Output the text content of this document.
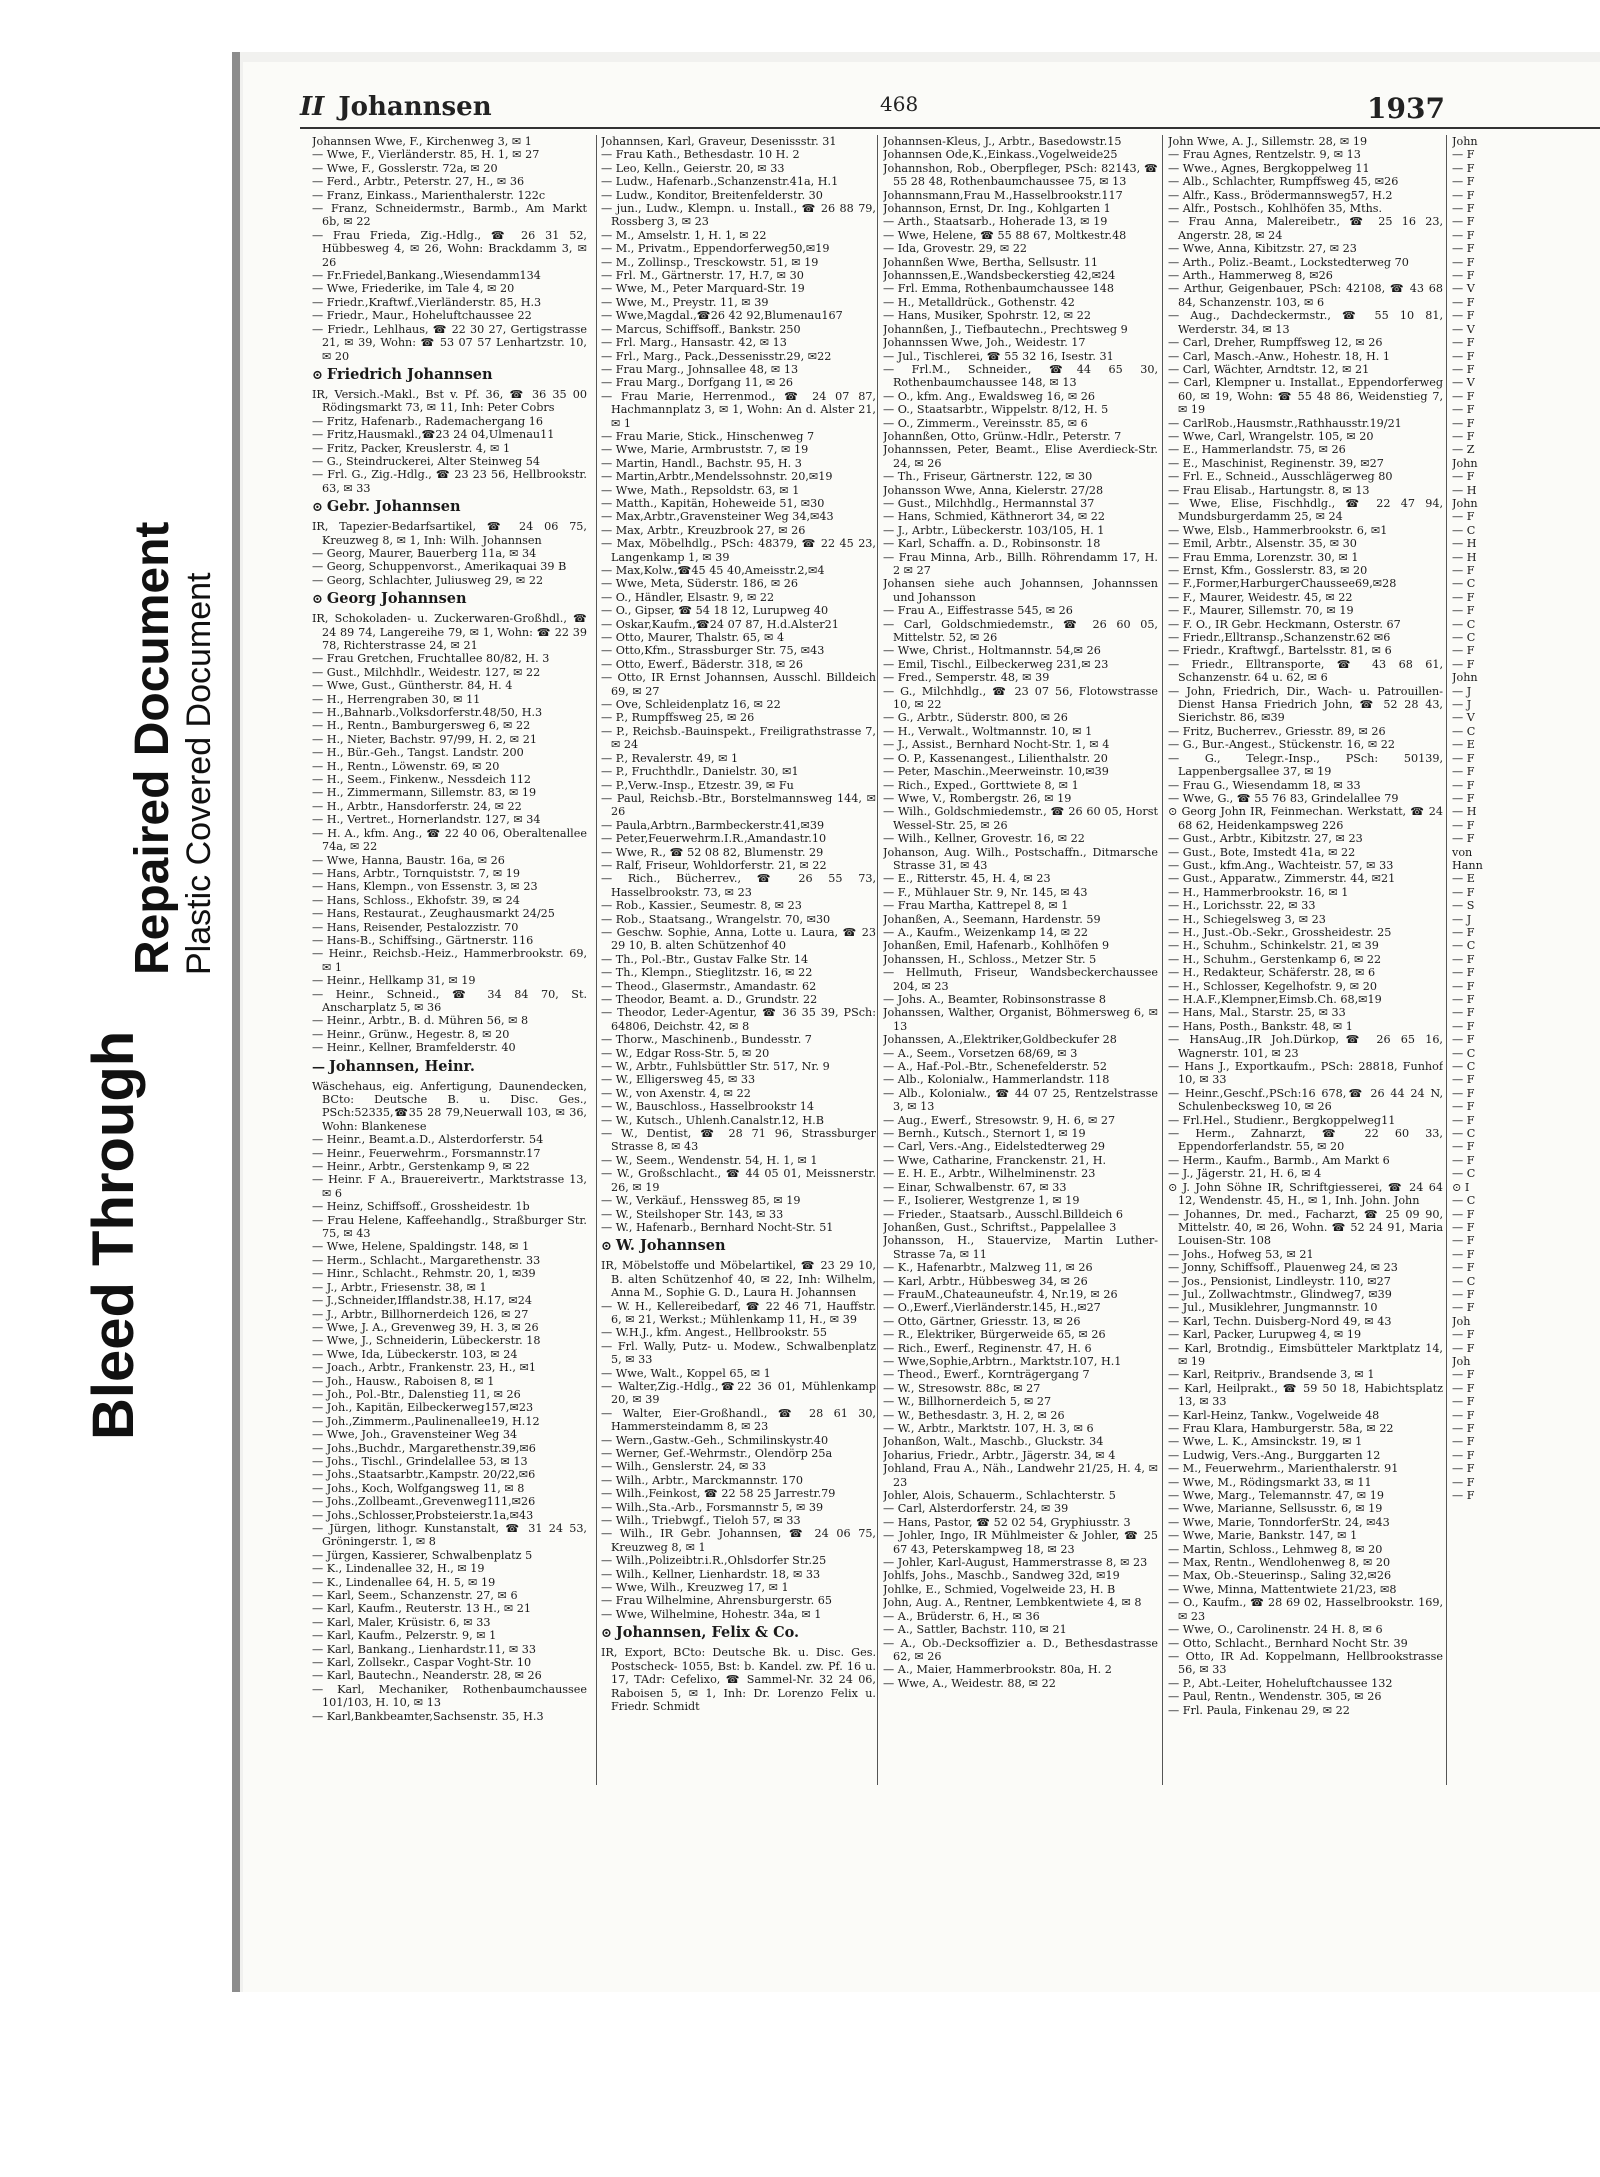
Bleed Through
Repaired Document Plastic Covered Document
II Johannsen	468	1937

Johannsen Wwe, F., Kirchenweg 3, ✉ 1

— Wwe, F., Vierländerstr. 85, H. 1, ✉ 27

— Wwe, F., Gosslerstr. 72a, ✉ 20

— Ferd., Arbtr., Peterstr. 27, H., ✉ 36

— Franz, Einkass., Marienthalerstr. 122c

— Franz, Schneidermstr., Barmb., Am Markt 6b, ✉ 22

— Frau Frieda, Zig.-Hdlg., ☎ 26 31 52, Hübbesweg 4, ✉ 26, Wohn: Brackdamm 3, ✉ 26

— Fr.Friedel,Bankang.,Wiesendamm134

— Wwe, Friederike, im Tale 4, ✉ 20

— Friedr.,Kraftwf.,Vierländerstr. 85, H.3

— Friedr., Maur., Hoheluftchaussee 22

— Friedr., Lehlhaus, ☎ 22 30 27, Gertigstrasse 21, ✉ 39, Wohn: ☎ 53 07 57 Lenhartzstr. 10, ✉ 20

⊙ Friedrich Johannsen

IR, Versich.-Makl., Bst v. Pf. 36, ☎ 36 35 00 Rödingsmarkt 73, ✉ 11, Inh: Peter Cobrs

— Fritz, Hafenarb., Rademachergang 16

— Fritz,Hausmakl.,☎23 24 04,Ulmenau11

— Fritz, Packer, Kreuslerstr. 4, ✉ 1

— G., Steindruckerei, Alter Steinweg 54

— Frl. G., Zig.-Hdlg., ☎ 23 23 56, Hellbrookstr. 63, ✉ 33

⊙ Gebr. Johannsen

IR, Tapezier-Bedarfsartikel, ☎ 24 06 75, Kreuzweg 8, ✉ 1, Inh: Wilh. Johannsen

— Georg, Maurer, Bauerberg 11a, ✉ 34

— Georg, Schuppenvorst., Amerikaquai 39 B

— Georg, Schlachter, Juliusweg 29, ✉ 22

⊙ Georg Johannsen

IR, Schokoladen- u. Zuckerwaren-Großhdl., ☎ 24 89 74, Langereihe 79, ✉ 1, Wohn: ☎ 22 39 78, Richterstrasse 24, ✉ 21

— Frau Gretchen, Fruchtallee 80/82, H. 3

— Gust., Milchhdlr., Weidestr. 127, ✉ 22

— Wwe, Gust., Güntherstr. 84, H. 4

— H., Herrengraben 30, ✉ 11

— H.,Bahnarb.,Volksdorferstr.48/50, H.3

— H., Rentn., Bamburgersweg 6, ✉ 22

— H., Nieter, Bachstr. 97/99, H. 2, ✉ 21

— H., Bür.-Geh., Tangst. Landstr. 200

— H., Rentn., Löwenstr. 69, ✉ 20

— H., Seem., Finkenw., Nessdeich 112

— H., Zimmermann, Sillemstr. 83, ✉ 19

— H., Arbtr., Hansdorferstr. 24, ✉ 22

— H., Vertret., Hornerlandstr. 127, ✉ 34

— H. A., kfm. Ang., ☎ 22 40 06, Oberaltenallee 74a, ✉ 22

— Wwe, Hanna, Baustr. 16a, ✉ 26

— Hans, Arbtr., Tornquiststr. 7, ✉ 19

— Hans, Klempn., von Essenstr. 3, ✉ 23

— Hans, Schloss., Ekhofstr. 39, ✉ 24

— Hans, Restaurat., Zeughausmarkt 24/25

— Hans, Reisender, Pestalozzistr. 70

— Hans-B., Schiffsing., Gärtnerstr. 116

— Heinr., Reichsb.-Heiz., Hammerbrookstr. 69, ✉ 1

— Heinr., Hellkamp 31, ✉ 19

— Heinr., Schneid., ☎ 34 84 70, St. Anscharplatz 5, ✉ 36

— Heinr., Arbtr., B. d. Mühren 56, ✉ 8

— Heinr., Grünw., Hegestr. 8, ✉ 20

— Heinr., Kellner, Bramfelderstr. 40

— Johannsen, Heinr.

Wäschehaus, eig. Anfertigung, Daunendecken, BCto: Deutsche B. u. Disc. Ges., PSch:52335,☎35 28 79,Neuerwall 103, ✉ 36, Wohn: Blankenese

— Heinr., Beamt.a.D., Alsterdorferstr. 54

— Heinr., Feuerwehrm., Forsmannstr.17

— Heinr., Arbtr., Gerstenkamp 9, ✉ 22

— Heinr. F A., Brauereivertr., Marktstrasse 13, ✉ 6

— Heinz, Schiffsoff., Grossheidestr. 1b

— Frau Helene, Kaffeehandlg., Straßburger Str. 75, ✉ 43

— Wwe, Helene, Spaldingstr. 148, ✉ 1

— Herm., Schlacht., Margarethenstr. 33

— Hinr., Schlacht., Rehmstr. 20, 1, ✉39

— J., Arbtr., Friesenstr. 38, ✉ 1

— J.,Schneider,Ifflandstr.38, H.17, ✉24

— J., Arbtr., Billhornerdeich 126, ✉ 27

— Wwe, J. A., Grevenweg 39, H. 3, ✉ 26

— Wwe, J., Schneiderin, Lübeckerstr. 18

— Wwe, Ida, Lübeckerstr. 103, ✉ 24

— Joach., Arbtr., Frankenstr. 23, H., ✉1

— Joh., Hausw., Raboisen 8, ✉ 1

— Joh., Pol.-Btr., Dalenstieg 11, ✉ 26

— Joh., Kapitän, Eilbeckerweg157,✉23

— Joh.,Zimmerm.,Paulinenallee19, H.12

— Wwe, Joh., Gravensteiner Weg 34

— Johs.,Buchdr., Margarethenstr.39,✉6

— Johs., Tischl., Grindelallee 53, ✉ 13

— Johs.,Staatsarbtr.,Kampstr. 20/22,✉6

— Johs., Koch, Wolfgangsweg 11, ✉ 8

— Johs.,Zollbeamt.,Grevenweg111,✉26

— Johs.,Schlosser,Probsteierstr.1a,✉43

— Jürgen, lithogr. Kunstanstalt, ☎ 31 24 53, Gröningerstr. 1, ✉ 8

— Jürgen, Kassierer, Schwalbenplatz 5

— K., Lindenallee 32, H., ✉ 19

— K., Lindenallee 64, H. 5, ✉ 19

— Karl, Seem., Schanzenstr. 27, ✉ 6

— Karl, Kaufm., Reuterstr. 13 H., ✉ 21

— Karl, Maler, Krüsistr. 6, ✉ 33

— Karl, Kaufm., Pelzerstr. 9, ✉ 1

— Karl, Bankang., Lienhardstr.11, ✉ 33

— Karl, Zollsekr., Caspar Voght-Str. 10

— Karl, Bautechn., Neanderstr. 28, ✉ 26

— Karl, Mechaniker, Rothenbaumchaussee 101/103, H. 10, ✉ 13

— Karl,Bankbeamter,Sachsenstr. 35, H.3

Johannsen, Karl, Graveur, Desenissstr. 31

— Frau Kath., Bethesdastr. 10 H. 2

— Leo, Kelln., Geierstr. 20, ✉ 33

— Ludw., Hafenarb.,Schanzenstr.41a, H.1

— Ludw., Konditor, Breitenfelderstr. 30

— jun., Ludw., Klempn. u. Install., ☎ 26 88 79, Rossberg 3, ✉ 23

— M., Amselstr. 1, H. 1, ✉ 22

— M., Privatm., Eppendorferweg50,✉19

— M., Zollinsp., Tresckowstr. 51, ✉ 19

— Frl. M., Gärtnerstr. 17, H.7, ✉ 30

— Wwe, M., Peter Marquard-Str. 19

— Wwe, M., Preystr. 11, ✉ 39

— Wwe,Magdal.,☎26 42 92,Blumenau167

— Marcus, Schiffsoff., Bankstr. 250

— Frl. Marg., Hansastr. 42, ✉ 13

— Frl., Marg., Pack.,Dessenisstr.29, ✉22

— Frau Marg., Johnsallee 48, ✉ 13

— Frau Marg., Dorfgang 11, ✉ 26

— Frau Marie, Herrenmod., ☎ 24 07 87, Hachmannplatz 3, ✉ 1, Wohn: An d. Alster 21, ✉ 1

— Frau Marie, Stick., Hinschenweg 7

— Wwe, Marie, Armbruststr. 7, ✉ 19

— Martin, Handl., Bachstr. 95, H. 3

— Martin,Arbtr.,Mendelssohnstr. 20,✉19

— Wwe, Math., Repsoldstr. 63, ✉ 1

— Matth., Kapitän, Hoheweide 51, ✉30

— Max,Arbtr.,Gravensteiner Weg 34,✉43

— Max, Arbtr., Kreuzbrook 27, ✉ 26

— Max, Möbelhdlg., PSch: 48379, ☎ 22 45 23, Langenkamp 1, ✉ 39

— Max,Kolw.,☎45 45 40,Ameisstr.2,✉4

— Wwe, Meta, Süderstr. 186, ✉ 26

— O., Händler, Elsastr. 9, ✉ 22

— O., Gipser, ☎ 54 18 12, Lurupweg 40

— Oskar,Kaufm.,☎24 07 87, H.d.Alster21

— Otto, Maurer, Thalstr. 65, ✉ 4

— Otto,Kfm., Strassburger Str. 75, ✉43

— Otto, Ewerf., Bäderstr. 318, ✉ 26

— Otto, IR Ernst Johannsen, Ausschl. Billdeich 69, ✉ 27

— Ove, Schleidenplatz 16, ✉ 22

— P., Rumpffsweg 25, ✉ 26

— P., Reichsb.-Bauinspekt., Freiligrathstrasse 7, ✉ 24

— P., Revalerstr. 49, ✉ 1

— P., Fruchthdlr., Danielstr. 30, ✉1

— P.,Verw.-Insp., Etzestr. 39, ✉ Fu

— Paul, Reichsb.-Btr., Borstelmannsweg 144, ✉ 26

— Paula,Arbtrn.,Barmbeckerstr.41,✉39

— Peter,Feuerwehrm.I.R.,Amandastr.10

— Wwe, R., ☎ 52 08 82, Blumenstr. 29

— Ralf, Friseur, Wohldorferstr. 21, ✉ 22

— Rich., Bücherrev., ☎ 26 55 73, Hasselbrookstr. 73, ✉ 23

— Rob., Kassier., Seumestr. 8, ✉ 23

— Rob., Staatsang., Wrangelstr. 70, ✉30

— Geschw. Sophie, Anna, Lotte u. Laura, ☎ 23 29 10, B. alten Schützenhof 40

— Th., Pol.-Btr., Gustav Falke Str. 14

— Th., Klempn., Stieglitzstr. 16, ✉ 22

— Theod., Glasermstr., Amandastr. 62

— Theodor, Beamt. a. D., Grundstr. 22

— Theodor, Leder-Agentur, ☎ 36 35 39, PSch: 64806, Deichstr. 42, ✉ 8

— Thorw., Maschinenb., Bundesstr. 7

— W., Edgar Ross-Str. 5, ✉ 20

— W., Arbtr., Fuhlsbüttler Str. 517, Nr. 9

— W., Elligersweg 45, ✉ 33

— W., von Axenstr. 4, ✉ 22

— W., Bauschloss., Hasselbrookstr 14

— W., Kutsch., Uhlenh.Canalstr.12, H.B

— W., Dentist, ☎ 28 71 96, Strassburger Strasse 8, ✉ 43

— W., Seem., Wendenstr. 54, H. 1, ✉ 1

— W., Großschlacht., ☎ 44 05 01, Meissnerstr. 26, ✉ 19

— W., Verkäuf., Henssweg 85, ✉ 19

— W., Steilshoper Str. 143, ✉ 33

— W., Hafenarb., Bernhard Nocht-Str. 51

⊙ W. Johannsen

IR, Möbelstoffe und Möbelartikel, ☎ 23 29 10, B. alten Schützenhof 40, ✉ 22, Inh: Wilhelm, Anna M., Sophie G. D., Laura H. Johannsen

— W. H., Kellereibedarf, ☎ 22 46 71, Hauffstr. 6, ✉ 21, Werkst.; Mühlenkamp 11, H., ✉ 39

— W.H.J., kfm. Angest., Hellbrookstr. 55

— Frl. Wally, Putz- u. Modew., Schwalbenplatz 5, ✉ 33

— Wwe, Walt., Koppel 65, ✉ 1

— Walter,Zig.-Hdlg.,☎22 36 01, Mühlenkamp 20, ✉ 39

— Walter, Eier-Großhandl., ☎ 28 61 30, Hammersteindamm 8, ✉ 23

— Wern.,Gastw.-Geh., Schmilinskystr.40

— Werner, Gef.-Wehrmstr., Olendörp 25a

— Wilh., Genslerstr. 24, ✉ 33

— Wilh., Arbtr., Marckmannstr. 170

— Wilh.,Feinkost, ☎ 22 58 25 Jarrestr.79

— Wilh.,Sta.-Arb., Forsmannstr 5, ✉ 39

— Wilh., Triebwgf., Tieloh 57, ✉ 33

— Wilh., IR Gebr. Johannsen, ☎ 24 06 75, Kreuzweg 8, ✉ 1

— Wilh.,Polizeibtr.i.R.,Ohlsdorfer Str.25

— Wilh., Kellner, Lienhardstr. 18, ✉ 33

— Wwe, Wilh., Kreuzweg 17, ✉ 1

— Frau Wilhelmine, Ahrensburgerstr. 65

— Wwe, Wilhelmine, Hohestr. 34a, ✉ 1

⊙ Johannsen, Felix & Co.

IR, Export, BCto: Deutsche Bk. u. Disc. Ges. Postscheck- 1055, Bst: b. Kandel. zw. Pf. 16 u. 17, TAdr: Cefelixo, ☎ Sammel-Nr. 32 24 06, Raboisen 5, ✉ 1, Inh: Dr. Lorenzo Felix u. Friedr. Schmidt

Johannsen-Kleus, J., Arbtr., Basedowstr.15

Johannsen Ode,K.,Einkass.,Vogelweide25

Johannshon, Rob., Oberpfleger, PSch: 82143, ☎ 55 28 48, Rothenbaumchaussee 75, ✉ 13

Johannsmann,Frau M.,Hasselbrookstr.117

Johannson, Ernst, Dr. Ing., Kohlgarten 1

— Arth., Staatsarb., Hoherade 13, ✉ 19

— Wwe, Helene, ☎ 55 88 67, Moltkestr.48

— Ida, Grovestr. 29, ✉ 22

Johannßen Wwe, Bertha, Sellsustr. 11

Johannssen,E.,Wandsbeckerstieg 42,✉24

— Frl. Emma, Rothenbaumchaussee 148

— H., Metalldrück., Gothenstr. 42

— Hans, Musiker, Spohrstr. 12, ✉ 22

Johannßen, J., Tiefbautechn., Prechtsweg 9

Johannssen Wwe, Joh., Weidestr. 17

— Jul., Tischlerei, ☎ 55 32 16, Isestr. 31

— Frl.M., Schneider., ☎44 65 30, Rothenbaumchaussee 148, ✉ 13

— O., kfm. Ang., Ewaldsweg 16, ✉ 26

— O., Staatsarbtr., Wippelstr. 8/12, H. 5

— O., Zimmerm., Vereinsstr. 85, ✉ 6

Johannßen, Otto, Grünw.-Hdlr., Peterstr. 7

Johannssen, Peter, Beamt., Elise Averdieck-Str. 24, ✉ 26

— Th., Friseur, Gärtnerstr. 122, ✉ 30

Johansson Wwe, Anna, Kielerstr. 27/28

— Gust., Milchhdlg., Hermannstal 37

— Hans, Schmied, Käthnerort 34, ✉ 22

— J., Arbtr., Lübeckerstr. 103/105, H. 1

— Karl, Schaffn. a. D., Robinsonstr. 18

— Frau Minna, Arb., Billh. Röhrendamm 17, H. 2 ✉ 27

Johansen siehe auch Johannsen, Johannssen und Johansson

— Frau A., Eiffestrasse 545, ✉ 26

— Carl, Goldschmiedemstr., ☎ 26 60 05, Mittelstr. 52, ✉ 26

— Wwe, Christ., Holtmannstr. 54,✉ 26

— Emil, Tischl., Eilbeckerweg 231,✉ 23

— Fred., Semperstr. 48, ✉ 39

— G., Milchhdlg., ☎ 23 07 56, Flotowstrasse 10, ✉ 22

— G., Arbtr., Süderstr. 800, ✉ 26

— H., Verwalt., Woltmannstr. 10, ✉ 1

— J., Assist., Bernhard Nocht-Str. 1, ✉ 4

— O. P., Kassenangest., Lilienthalstr. 20

— Peter, Maschin.,Meerweinstr. 10,✉39

— Rich., Exped., Gorttwiete 8, ✉ 1

— Wwe, V., Rombergstr. 26, ✉ 19

— Wilh., Goldschmiedemstr., ☎ 26 60 05, Horst Wessel-Str. 25, ✉ 26

— Wilh., Kellner, Grovestr. 16, ✉ 22

Johanson, Aug. Wilh., Postschaffn., Ditmarsche Strasse 31, ✉ 43

— E., Ritterstr. 45, H. 4, ✉ 23

— F., Mühlauer Str. 9, Nr. 145, ✉ 43

— Frau Martha, Kattrepel 8, ✉ 1

Johanßen, A., Seemann, Hardenstr. 59

— A., Kaufm., Weizenkamp 14, ✉ 22

Johanßen, Emil, Hafenarb., Kohlhöfen 9

Johanssen, H., Schloss., Metzer Str. 5

— Hellmuth, Friseur, Wandsbeckerchaussee 204, ✉ 23

— Johs. A., Beamter, Robinsonstrasse 8

Johanssen, Walther, Organist, Böhmersweg 6, ✉ 13

Johanssen, A.,Elektriker,Goldbeckufer 28

— A., Seem., Vorsetzen 68/69, ✉ 3

— A., Haf.-Pol.-Btr., Schenefelderstr. 52

— Alb., Kolonialw., Hammerlandstr. 118

— Alb., Kolonialw., ☎ 44 07 25, Rentzelstrasse 3, ✉ 13

— Aug., Ewerf., Stresowstr. 9, H. 6, ✉ 27

— Bernh., Kutsch., Sternort 1, ✉ 19

— Carl, Vers.-Ang., Eidelstedterweg 29

— Wwe, Catharine, Franckenstr. 21, H.

— E. H. E., Arbtr., Wilhelminenstr. 23

— Einar, Schwalbenstr. 67, ✉ 33

— F., Isolierer, Westgrenze 1, ✉ 19

— Frieder., Staatsarb., Ausschl.Billdeich 6

Johanßen, Gust., Schriftst., Pappelallee 3

Johansson, H., Stauervize, Martin Luther-Strasse 7a, ✉ 11

— K., Hafenarbtr., Malzweg 11, ✉ 26

— Karl, Arbtr., Hübbesweg 34, ✉ 26

— FrauM.,Chateauneufstr. 4, Nr.19, ✉ 26

— O.,Ewerf.,Vierländerstr.145, H.,✉27

— Otto, Gärtner, Griesstr. 13, ✉ 26

— R., Elektriker, Bürgerweide 65, ✉ 26

— Rich., Ewerf., Reginenstr. 47, H. 6

— Wwe,Sophie,Arbtrn., Marktstr.107, H.1

— Theod., Ewerf., Kornträgergang 7

— W., Stresowstr. 88c, ✉ 27

— W., Billhornerdeich 5, ✉ 27

— W., Bethesdastr. 3, H. 2, ✉ 26

— W., Arbtr., Marktstr. 107, H. 3, ✉ 6

Johanßon, Walt., Maschb., Gluckstr. 34

Joharius, Friedr., Arbtr., Jägerstr. 34, ✉ 4

Johland, Frau A., Näh., Landwehr 21/25, H. 4, ✉ 23

Johler, Alois, Schauerm., Schlachterstr. 5

— Carl, Alsterdorferstr. 24, ✉ 39

— Hans, Pastor, ☎ 52 02 54, Gryphiusstr. 3

— Johler, Ingo, IR Mühlmeister & Johler, ☎ 25 67 43, Peterskampweg 18, ✉ 23

— Johler, Karl-August, Hammerstrasse 8, ✉ 23

Johlfs, Johs., Maschb., Sandweg 32d, ✉19

Johlke, E., Schmied, Vogelweide 23, H. B

John, Aug. A., Rentner, Lembkentwiete 4, ✉ 8

— A., Brüderstr. 6, H., ✉ 36

— A., Sattler, Bachstr. 110, ✉ 21

— A., Ob.-Decksoffizier a. D., Bethesdastrasse 62, ✉ 26

— A., Maier, Hammerbrookstr. 80a, H. 2

— Wwe, A., Weidestr. 88, ✉ 22

John Wwe, A. J., Sillemstr. 28, ✉ 19

— Frau Agnes, Rentzelstr. 9, ✉ 13

— Wwe., Agnes, Bergkoppelweg 11

— Alb., Schlachter, Rumpffsweg 45, ✉26

— Alfr., Kass., Brödermannsweg57, H.2

— Alfr., Postsch., Kohlhöfen 35, Mths.

— Frau Anna, Malereibetr., ☎ 25 16 23, Angerstr. 28, ✉ 24

— Wwe, Anna, Kibitzstr. 27, ✉ 23

— Arth., Poliz.-Beamt., Lockstedterweg 70

— Arth., Hammerweg 8, ✉26

— Arthur, Geigenbauer, PSch: 42108, ☎ 43 68 84, Schanzenstr. 103, ✉ 6

— Aug., Dachdeckermstr., ☎ 55 10 81, Werderstr. 34, ✉ 13

— Carl, Dreher, Rumpffsweg 12, ✉ 26

— Carl, Masch.-Anw., Hohestr. 18, H. 1

— Carl, Wächter, Arndtstr. 12, ✉ 21

— Carl, Klempner u. Installat., Eppendorferweg 60, ✉ 19, Wohn: ☎ 55 48 86, Weidenstieg 7, ✉ 19

— CarlRob.,Hausmstr.,Rathhausstr.19/21

— Wwe, Carl, Wrangelstr. 105, ✉ 20

— E., Hammerlandstr. 75, ✉ 26

— E., Maschinist, Reginenstr. 39, ✉27

— Frl. E., Schneid., Ausschlägerweg 80

— Frau Elisab., Hartungstr. 8, ✉ 13

— Wwe, Elise, Fischhdlg., ☎ 22 47 94, Mundsburgerdamm 25, ✉ 24

— Wwe, Elsb., Hammerbrookstr. 6, ✉1

— Emil, Arbtr., Alsenstr. 35, ✉ 30

— Frau Emma, Lorenzstr. 30, ✉ 1

— Ernst, Kfm., Gosslerstr. 83, ✉ 20

— F.,Former,HarburgerChaussee69,✉28

— F., Maurer, Weidestr. 45, ✉ 22

— F., Maurer, Sillemstr. 70, ✉ 19

— F. O., IR Gebr. Heckmann, Osterstr. 67

— Friedr.,Elltransp.,Schanzenstr.62 ✉6

— Friedr., Kraftwgf., Bartelsstr. 81, ✉ 6

— Friedr., Elltransporte, ☎ 43 68 61, Schanzenstr. 64 u. 62, ✉ 6

— John, Friedrich, Dir., Wach- u. Patrouillen-Dienst Hansa Friedrich John, ☎ 52 28 43, Sierichstr. 86, ✉39

— Fritz, Bucherrev., Griesstr. 89, ✉ 26

— G., Bur.-Angest., Stückenstr. 16, ✉ 22

— G., Telegr.-Insp., PSch: 50139, Lappenbergsallee 37, ✉ 19

— Frau G., Wiesendamm 18, ✉ 33

— Wwe, G., ☎ 55 76 83, Grindelallee 79

⊙ Georg John IR, Feinmechan. Werkstatt, ☎ 24 68 62, Heidenkampsweg 226

— Gust., Arbtr., Kibitzstr. 27, ✉ 23

— Gust., Bote, Imstedt 41a, ✉ 22

— Gust., kfm.Ang., Wachteistr. 57, ✉ 33

— Gust., Apparatw., Zimmerstr. 44, ✉21

— H., Hammerbrookstr. 16, ✉ 1

— H., Lorichsstr. 22, ✉ 33

— H., Schiegelsweg 3, ✉ 23

— H., Just.-Ob.-Sekr., Grossheidestr. 25

— H., Schuhm., Schinkelstr. 21, ✉ 39

— H., Schuhm., Gerstenkamp 6, ✉ 22

— H., Redakteur, Schäferstr. 28, ✉ 6

— H., Schlosser, Kegelhofstr. 9, ✉ 20

— H.A.F.,Klempner,Eimsb.Ch. 68,✉19

— Hans, Mal., Starstr. 25, ✉ 33

— Hans, Posth., Bankstr. 48, ✉ 1

— HansAug.,IR Joh.Dürkop,☎ 26 65 16, Wagnerstr. 101, ✉ 23

— Hans J., Exportkaufm., PSch: 28818, Funhof 10, ✉ 33

— Heinr.,Geschf.,PSch:16 678,☎ 26 44 24 N, Schulenbecksweg 10, ✉ 26

— Frl.Hel., Studienr., Bergkoppelweg11

— Herm., Zahnarzt, ☎ 22 60 33, Eppendorferlandstr. 55, ✉ 20

— Herm., Kaufm., Barmb., Am Markt 6

— J., Jägerstr. 21, H. 6, ✉ 4

⊙ J. John Söhne IR, Schriftgiesserei, ☎ 24 64 12, Wendenstr. 45, H., ✉ 1, Inh. John. John

— Johannes, Dr. med., Facharzt, ☎ 25 09 90, Mittelstr. 40, ✉ 26, Wohn. ☎ 52 24 91, Maria Louisen-Str. 108

— Johs., Hofweg 53, ✉ 21

— Jonny, Schiffsoff., Plauenweg 24, ✉ 23

— Jos., Pensionist, Lindleystr. 110, ✉27

— Jul., Zollwachtmstr., Glindweg7, ✉39

— Jul., Musiklehrer, Jungmannstr. 10

— Karl, Techn. Duisberg-Nord 49, ✉ 43

— Karl, Packer, Lurupweg 4, ✉ 19

— Karl, Brotndig., Eimsbütteler Marktplatz 14, ✉ 19

— Karl, Reitpriv., Brandsende 3, ✉ 1

— Karl, Heilprakt., ☎ 59 50 18, Habichtsplatz 13, ✉ 33

— Karl-Heinz, Tankw., Vogelweide 48

— Frau Klara, Hamburgerstr. 58a, ✉ 22

— Wwe, L. K., Amsinckstr. 19, ✉ 1

— Ludwig, Vers.-Ang., Burggarten 12

— M., Feuerwehrm., Marienthalerstr. 91

— Wwe, M., Rödingsmarkt 33, ✉ 11

— Wwe, Marg., Telemannstr. 47, ✉ 19

— Wwe, Marianne, Sellsusstr. 6, ✉ 19

— Wwe, Marie, TonndorferStr. 24, ✉43

— Wwe, Marie, Bankstr. 147, ✉ 1

— Martin, Schloss., Lehmweg 8, ✉ 20

— Max, Rentn., Wendlohenweg 8, ✉ 20

— Max, Ob.-Steuerinsp., Saling 32,✉26

— Wwe, Minna, Mattentwiete 21/23, ✉8

— O., Kaufm., ☎ 28 69 02, Hasselbrookstr. 169, ✉ 23

— Wwe, O., Carolinenstr. 24 H. 8, ✉ 6

— Otto, Schlacht., Bernhard Nocht Str. 39

— Otto, IR Ad. Koppelmann, Hellbrookstrasse 56, ✉ 33

— P., Abt.-Leiter, Hoheluftchaussee 132

— Paul, Rentn., Wendenstr. 305, ✉ 26

— Frl. Paula, Finkenau 29, ✉ 22

John

— F

— F

— F

— F

— F

— F

— F

— F

— F

— F

— V

— F

— F

— V

— F

— F

— F

— V

— F

— F

— F

— F

— Z

John

— F

— H

John

— F

— C

— H

— H

— F

— C

— F

— F

— C

— C

— F

— F

John

— J

— J

— V

— C

— E

— F

— F

— F

— F

— H

— F

— F

von

Hann

— E

— F

— S

— J

— F

— C

— F

— F

— F

— F

— F

— F

— F

— C

— C

— F

— F

— F

— F

— C

— F

— F

— C

⊙ I

— C

— F

— F

— F

— F

— F

— C

— F

— F

Joh

— F

— F

Joh

— F

— F

— F

— F

— F

— F

— F

— F

— F

— F
